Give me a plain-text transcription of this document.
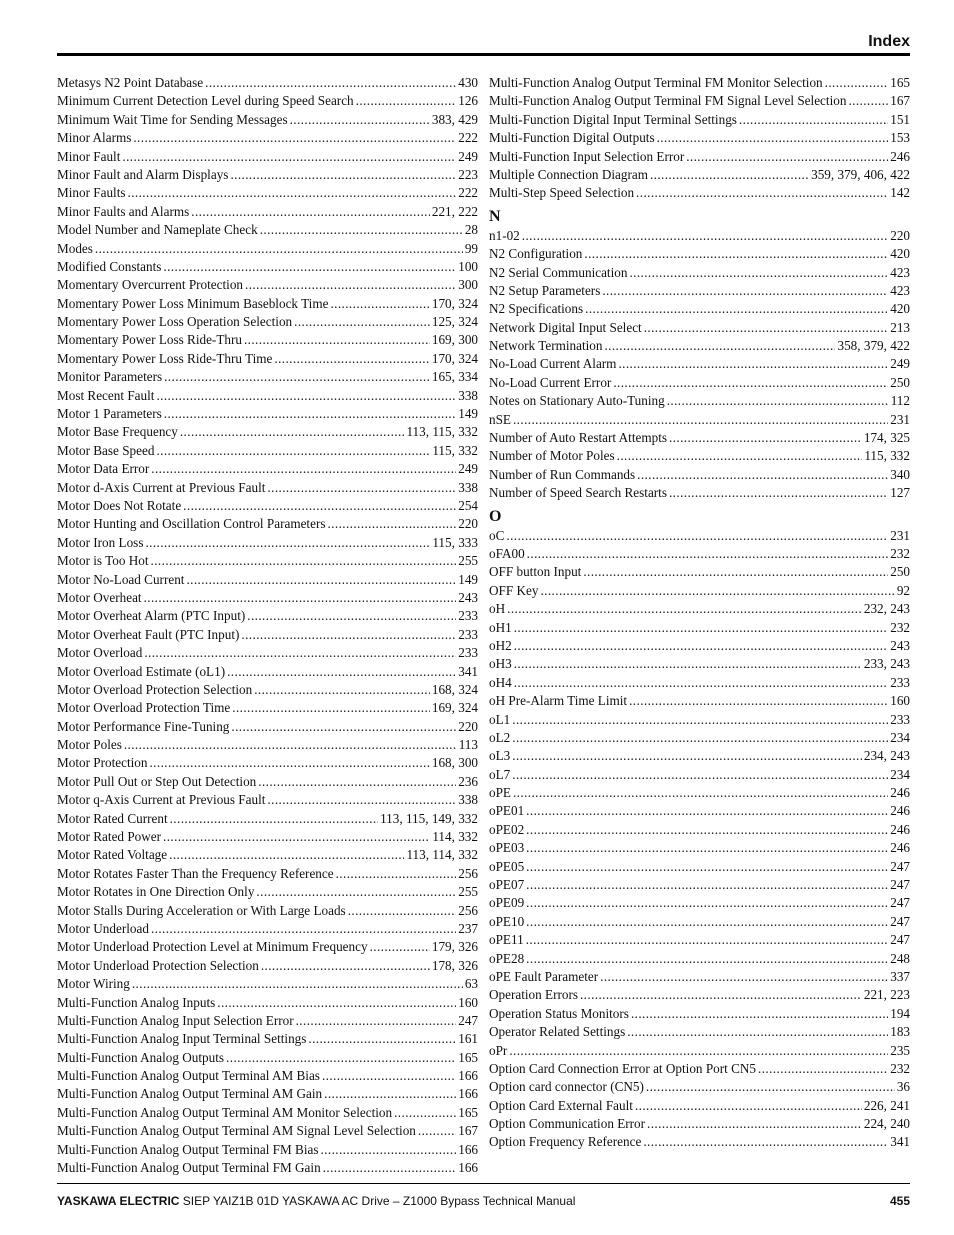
Index
Metasys N2 Point Database .....	430
Minimum Current Detection Level during Speed Search .....	126
Minimum Wait Time for Sending Messages .....	383, 429
Minor Alarms .....	222
Minor Fault .....	249
Minor Fault and Alarm Displays .....	223
Minor Faults .....	222
Minor Faults and Alarms .....	221, 222
Model Number and Nameplate Check .....	28
Modes .....	99
Modified Constants .....	100
Momentary Overcurrent Protection .....	300
Momentary Power Loss Minimum Baseblock Time .....	170, 324
Momentary Power Loss Operation Selection .....	125, 324
Momentary Power Loss Ride-Thru .....	169, 300
Momentary Power Loss Ride-Thru Time .....	170, 324
Monitor Parameters .....	165, 334
Most Recent Fault .....	338
Motor 1 Parameters .....	149
Motor Base Frequency .....	113, 115, 332
Motor Base Speed .....	115, 332
Motor Data Error .....	249
Motor d-Axis Current at Previous Fault .....	338
Motor Does Not Rotate .....	254
Motor Hunting and Oscillation Control Parameters .....	220
Motor Iron Loss .....	115, 333
Motor is Too Hot .....	255
Motor No-Load Current .....	149
Motor Overheat .....	243
Motor Overheat Alarm (PTC Input) .....	233
Motor Overheat Fault (PTC Input) .....	233
Motor Overload .....	233
Motor Overload Estimate (oL1) .....	341
Motor Overload Protection Selection .....	168, 324
Motor Overload Protection Time .....	169, 324
Motor Performance Fine-Tuning .....	220
Motor Poles .....	113
Motor Protection .....	168, 300
Motor Pull Out or Step Out Detection .....	236
Motor q-Axis Current at Previous Fault .....	338
Motor Rated Current .....	113, 115, 149, 332
Motor Rated Power .....	114, 332
Motor Rated Voltage .....	113, 114, 332
Motor Rotates Faster Than the Frequency Reference .....	256
Motor Rotates in One Direction Only .....	255
Motor Stalls During Acceleration or With Large Loads .....	256
Motor Underload .....	237
Motor Underload Protection Level at Minimum Frequency .....	179, 326
Motor Underload Protection Selection .....	178, 326
Motor Wiring .....	63
Multi-Function Analog Inputs .....	160
Multi-Function Analog Input Selection Error .....	247
Multi-Function Analog Input Terminal Settings .....	161
Multi-Function Analog Outputs .....	165
Multi-Function Analog Output Terminal AM Bias .....	166
Multi-Function Analog Output Terminal AM Gain .....	166
Multi-Function Analog Output Terminal AM Monitor Selection .....	165
Multi-Function Analog Output Terminal AM Signal Level Selection .....	167
Multi-Function Analog Output Terminal FM Bias .....	166
Multi-Function Analog Output Terminal FM Gain .....	166
Multi-Function Analog Output Terminal FM Monitor Selection .....	165
Multi-Function Analog Output Terminal FM Signal Level Selection .....	167
Multi-Function Digital Input Terminal Settings .....	151
Multi-Function Digital Outputs .....	153
Multi-Function Input Selection Error .....	246
Multiple Connection Diagram .....	359, 379, 406, 422
Multi-Step Speed Selection .....	142
N
n1-02 .....	220
N2 Configuration .....	420
N2 Serial Communication .....	423
N2 Setup Parameters .....	423
N2 Specifications .....	420
Network Digital Input Select .....	213
Network Termination .....	358, 379, 422
No-Load Current Alarm .....	249
No-Load Current Error .....	250
Notes on Stationary Auto-Tuning .....	112
nSE .....	231
Number of Auto Restart Attempts .....	174, 325
Number of Motor Poles .....	115, 332
Number of Run Commands .....	340
Number of Speed Search Restarts .....	127
O
oC .....	231
oFA00 .....	232
OFF button Input .....	250
OFF Key .....	92
oH .....	232, 243
oH1 .....	232
oH2 .....	243
oH3 .....	233, 243
oH4 .....	233
oH Pre-Alarm Time Limit .....	160
oL1 .....	233
oL2 .....	234
oL3 .....	234, 243
oL7 .....	234
oPE .....	246
oPE01 .....	246
oPE02 .....	246
oPE03 .....	246
oPE05 .....	247
oPE07 .....	247
oPE09 .....	247
oPE10 .....	247
oPE11 .....	247
oPE28 .....	248
oPE Fault Parameter .....	337
Operation Errors .....	221, 223
Operation Status Monitors .....	194
Operator Related Settings .....	183
oPr .....	235
Option Card Connection Error at Option Port CN5 .....	232
Option card connector (CN5) .....	36
Option Card External Fault .....	226, 241
Option Communication Error .....	224, 240
Option Frequency Reference .....	341
YASKAWA ELECTRIC SIEP YAIZ1B 01D YASKAWA AC Drive – Z1000 Bypass Technical Manual	455
